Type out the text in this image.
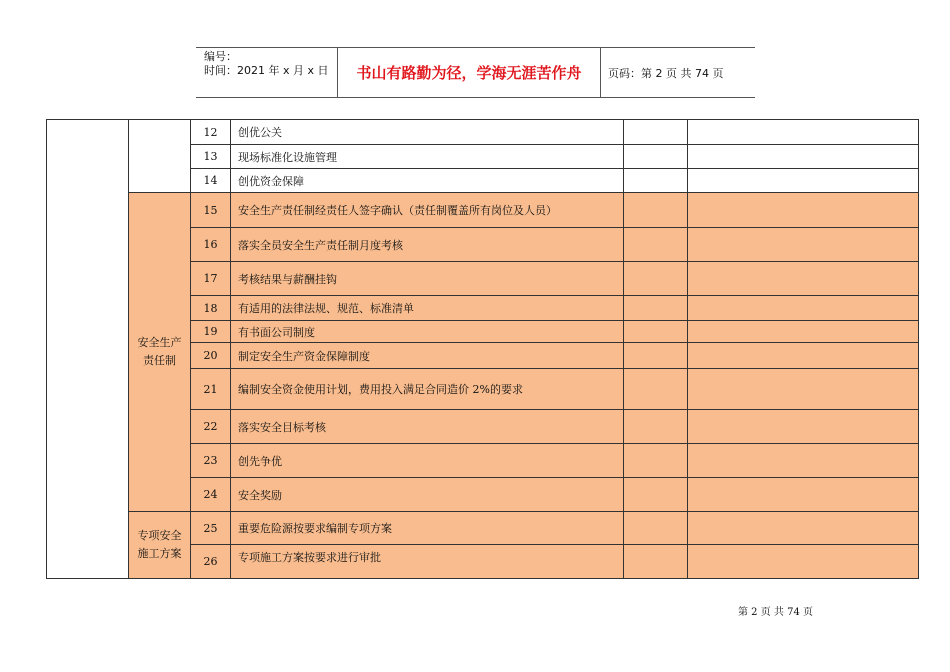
编号：
时间：2021 年 x 月 x 日	书山有路勤为径，学海无涯苦作舟	页码：第 2 页 共 74 页
		12	创优公关		
		13	现场标准化设施管理		
		14	创优资金保障		
	安全生产责任制	15	安全生产责任制经责任人签字确认（责任制覆盖所有岗位及人员）		
		16	落实全员安全生产责任制月度考核		
		17	考核结果与薪酬挂钩		
		18	有适用的法律法规、规范、标准清单		
		19	有书面公司制度		
		20	制定安全生产资金保障制度		
		21	编制安全资金使用计划，费用投入满足合同造价 2%的要求		
		22	落实安全目标考核		
		23	创先争优		
		24	安全奖励		
	专项安全施工方案	25	重要危险源按要求编制专项方案		
		26	专项施工方案按要求进行审批		
第 2 页 共 74 页
